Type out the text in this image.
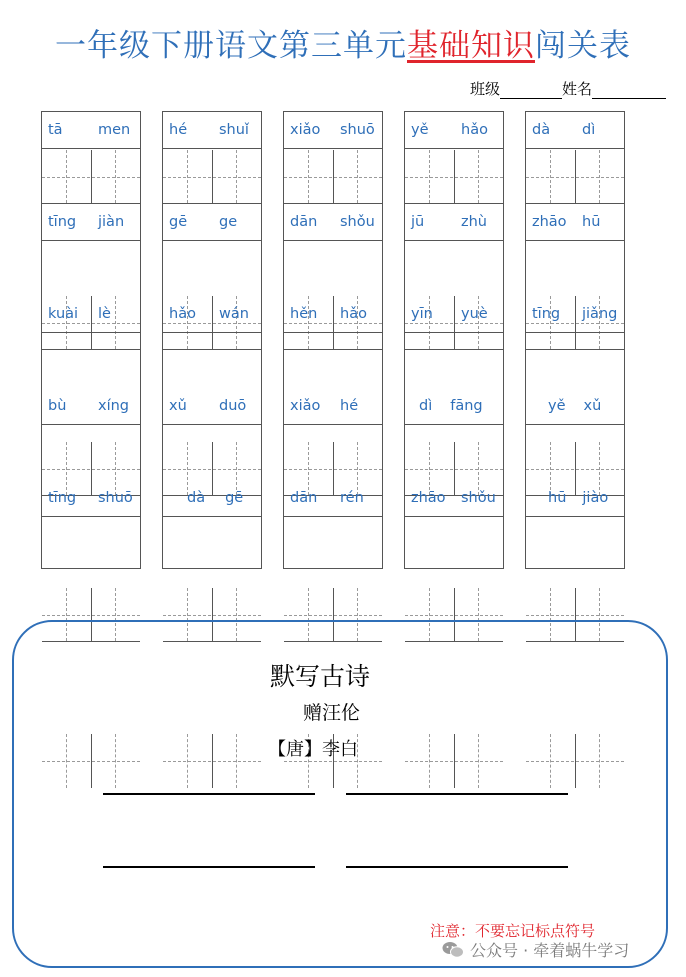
一年级下册语文第三单元基础知识闯关表
班级	姓名
tā	men
tīng	jiàn
kuài	lè
bù	xíng
tīng	shuō
hé	shuǐ
gē	ge
hǎo	wán
xǔ	duō
dà gē
xiǎo	shuō
dān	shǒu
hěn	hǎo
xiǎo	hé
dān	rén
yě	hǎo
jū	zhù
yīn	yuè
dì fāng
zhāo	shǒu
dà	dì
zhāo	hū
tīng	jiǎng
yě xǔ
hū jiào
默写古诗
赠汪伦
【唐】李白
注意：不要忘记标点符号
公众号 · 牵着蜗牛学习
